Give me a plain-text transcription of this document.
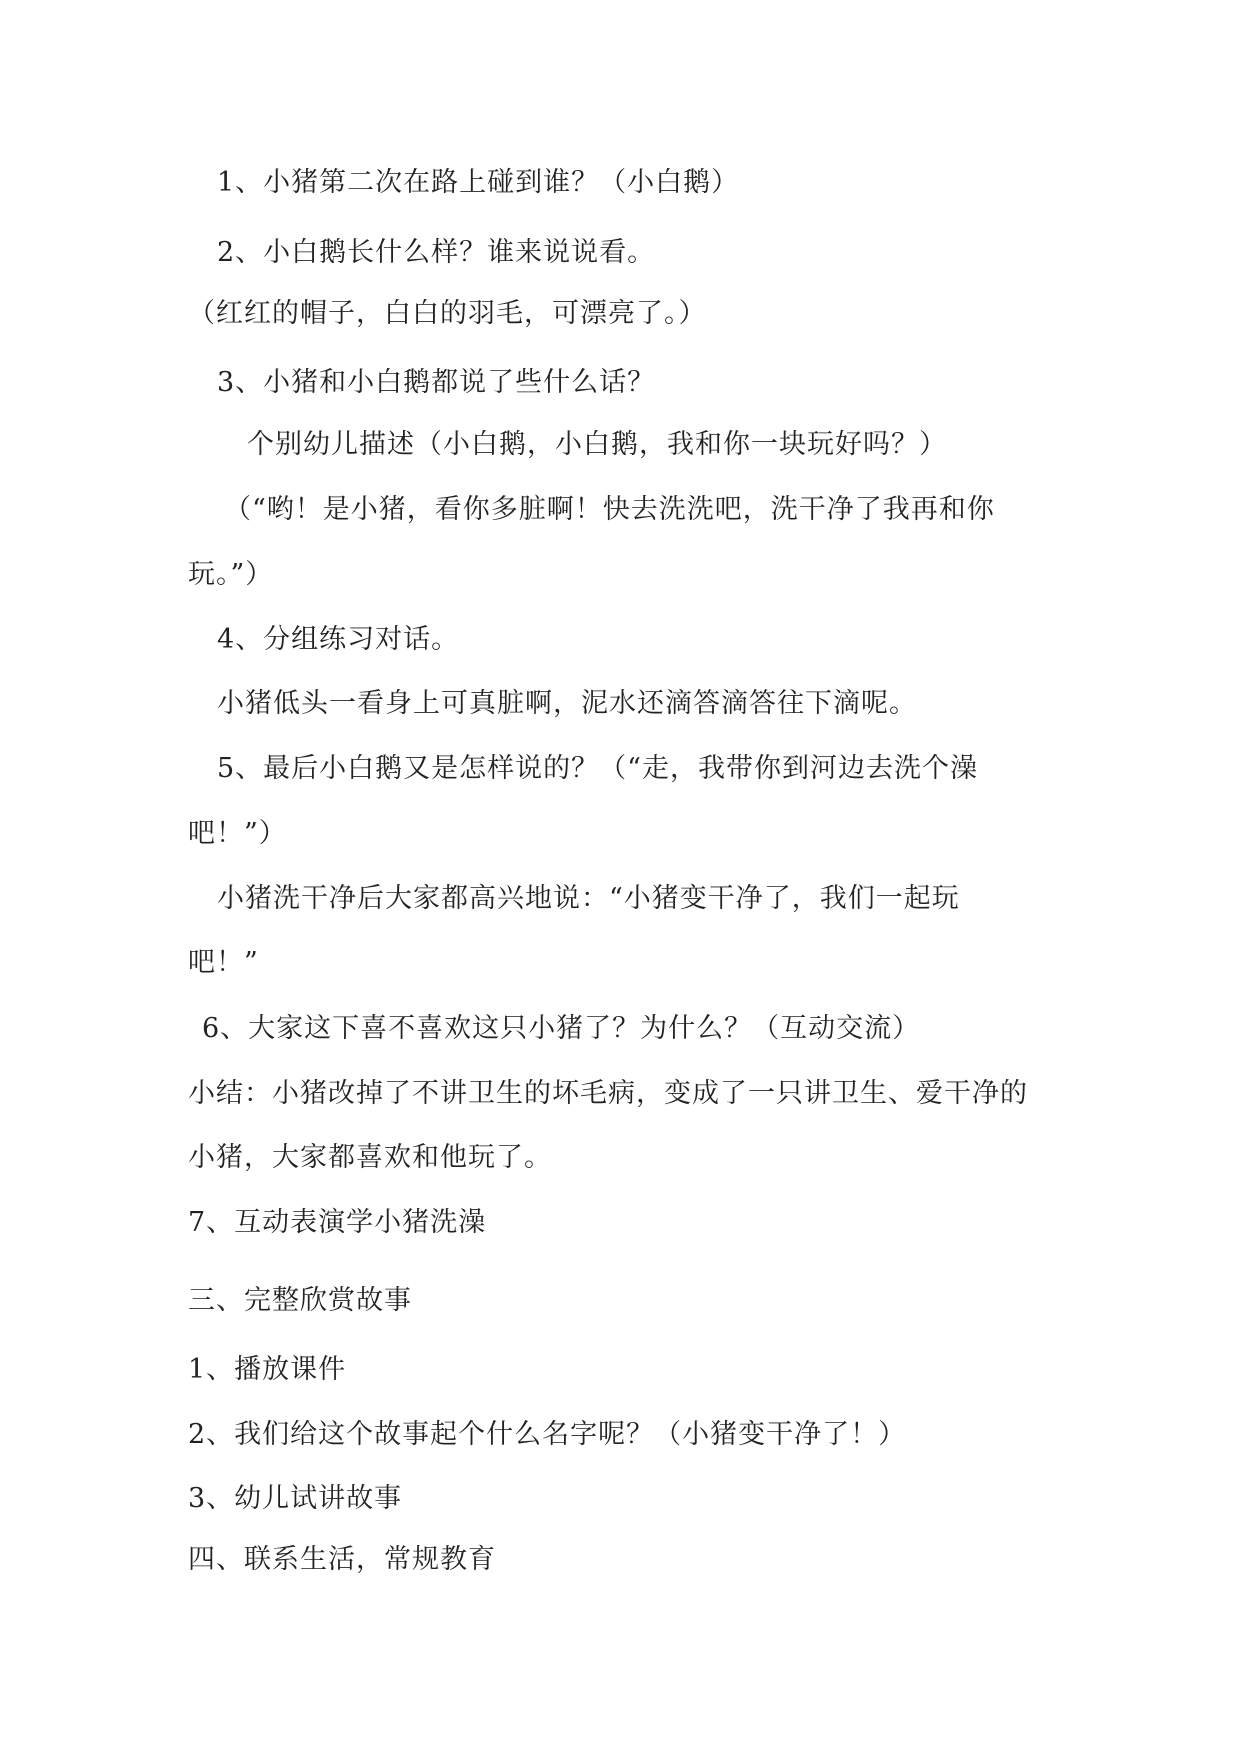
1、小猪第二次在路上碰到谁？（小白鹅）
2、小白鹅长什么样？谁来说说看。
（红红的帽子，白白的羽毛，可漂亮了。）
3、小猪和小白鹅都说了些什么话？
个别幼儿描述（小白鹅，小白鹅，我和你一块玩好吗？）
（“哟！是小猪，看你多脏啊！快去洗洗吧，洗干净了我再和你
玩。”）
4、分组练习对话。
小猪低头一看身上可真脏啊，泥水还滴答滴答往下滴呢。
5、最后小白鹅又是怎样说的？（“走，我带你到河边去洗个澡
吧！”）
小猪洗干净后大家都高兴地说：“小猪变干净了，我们一起玩
吧！”
6、大家这下喜不喜欢这只小猪了？为什么？（互动交流）
小结：小猪改掉了不讲卫生的坏毛病，变成了一只讲卫生、爱干净的
小猪，大家都喜欢和他玩了。
7、互动表演学小猪洗澡
三、完整欣赏故事
1、播放课件
2、我们给这个故事起个什么名字呢？（小猪变干净了！）
3、幼儿试讲故事
四、联系生活，常规教育
